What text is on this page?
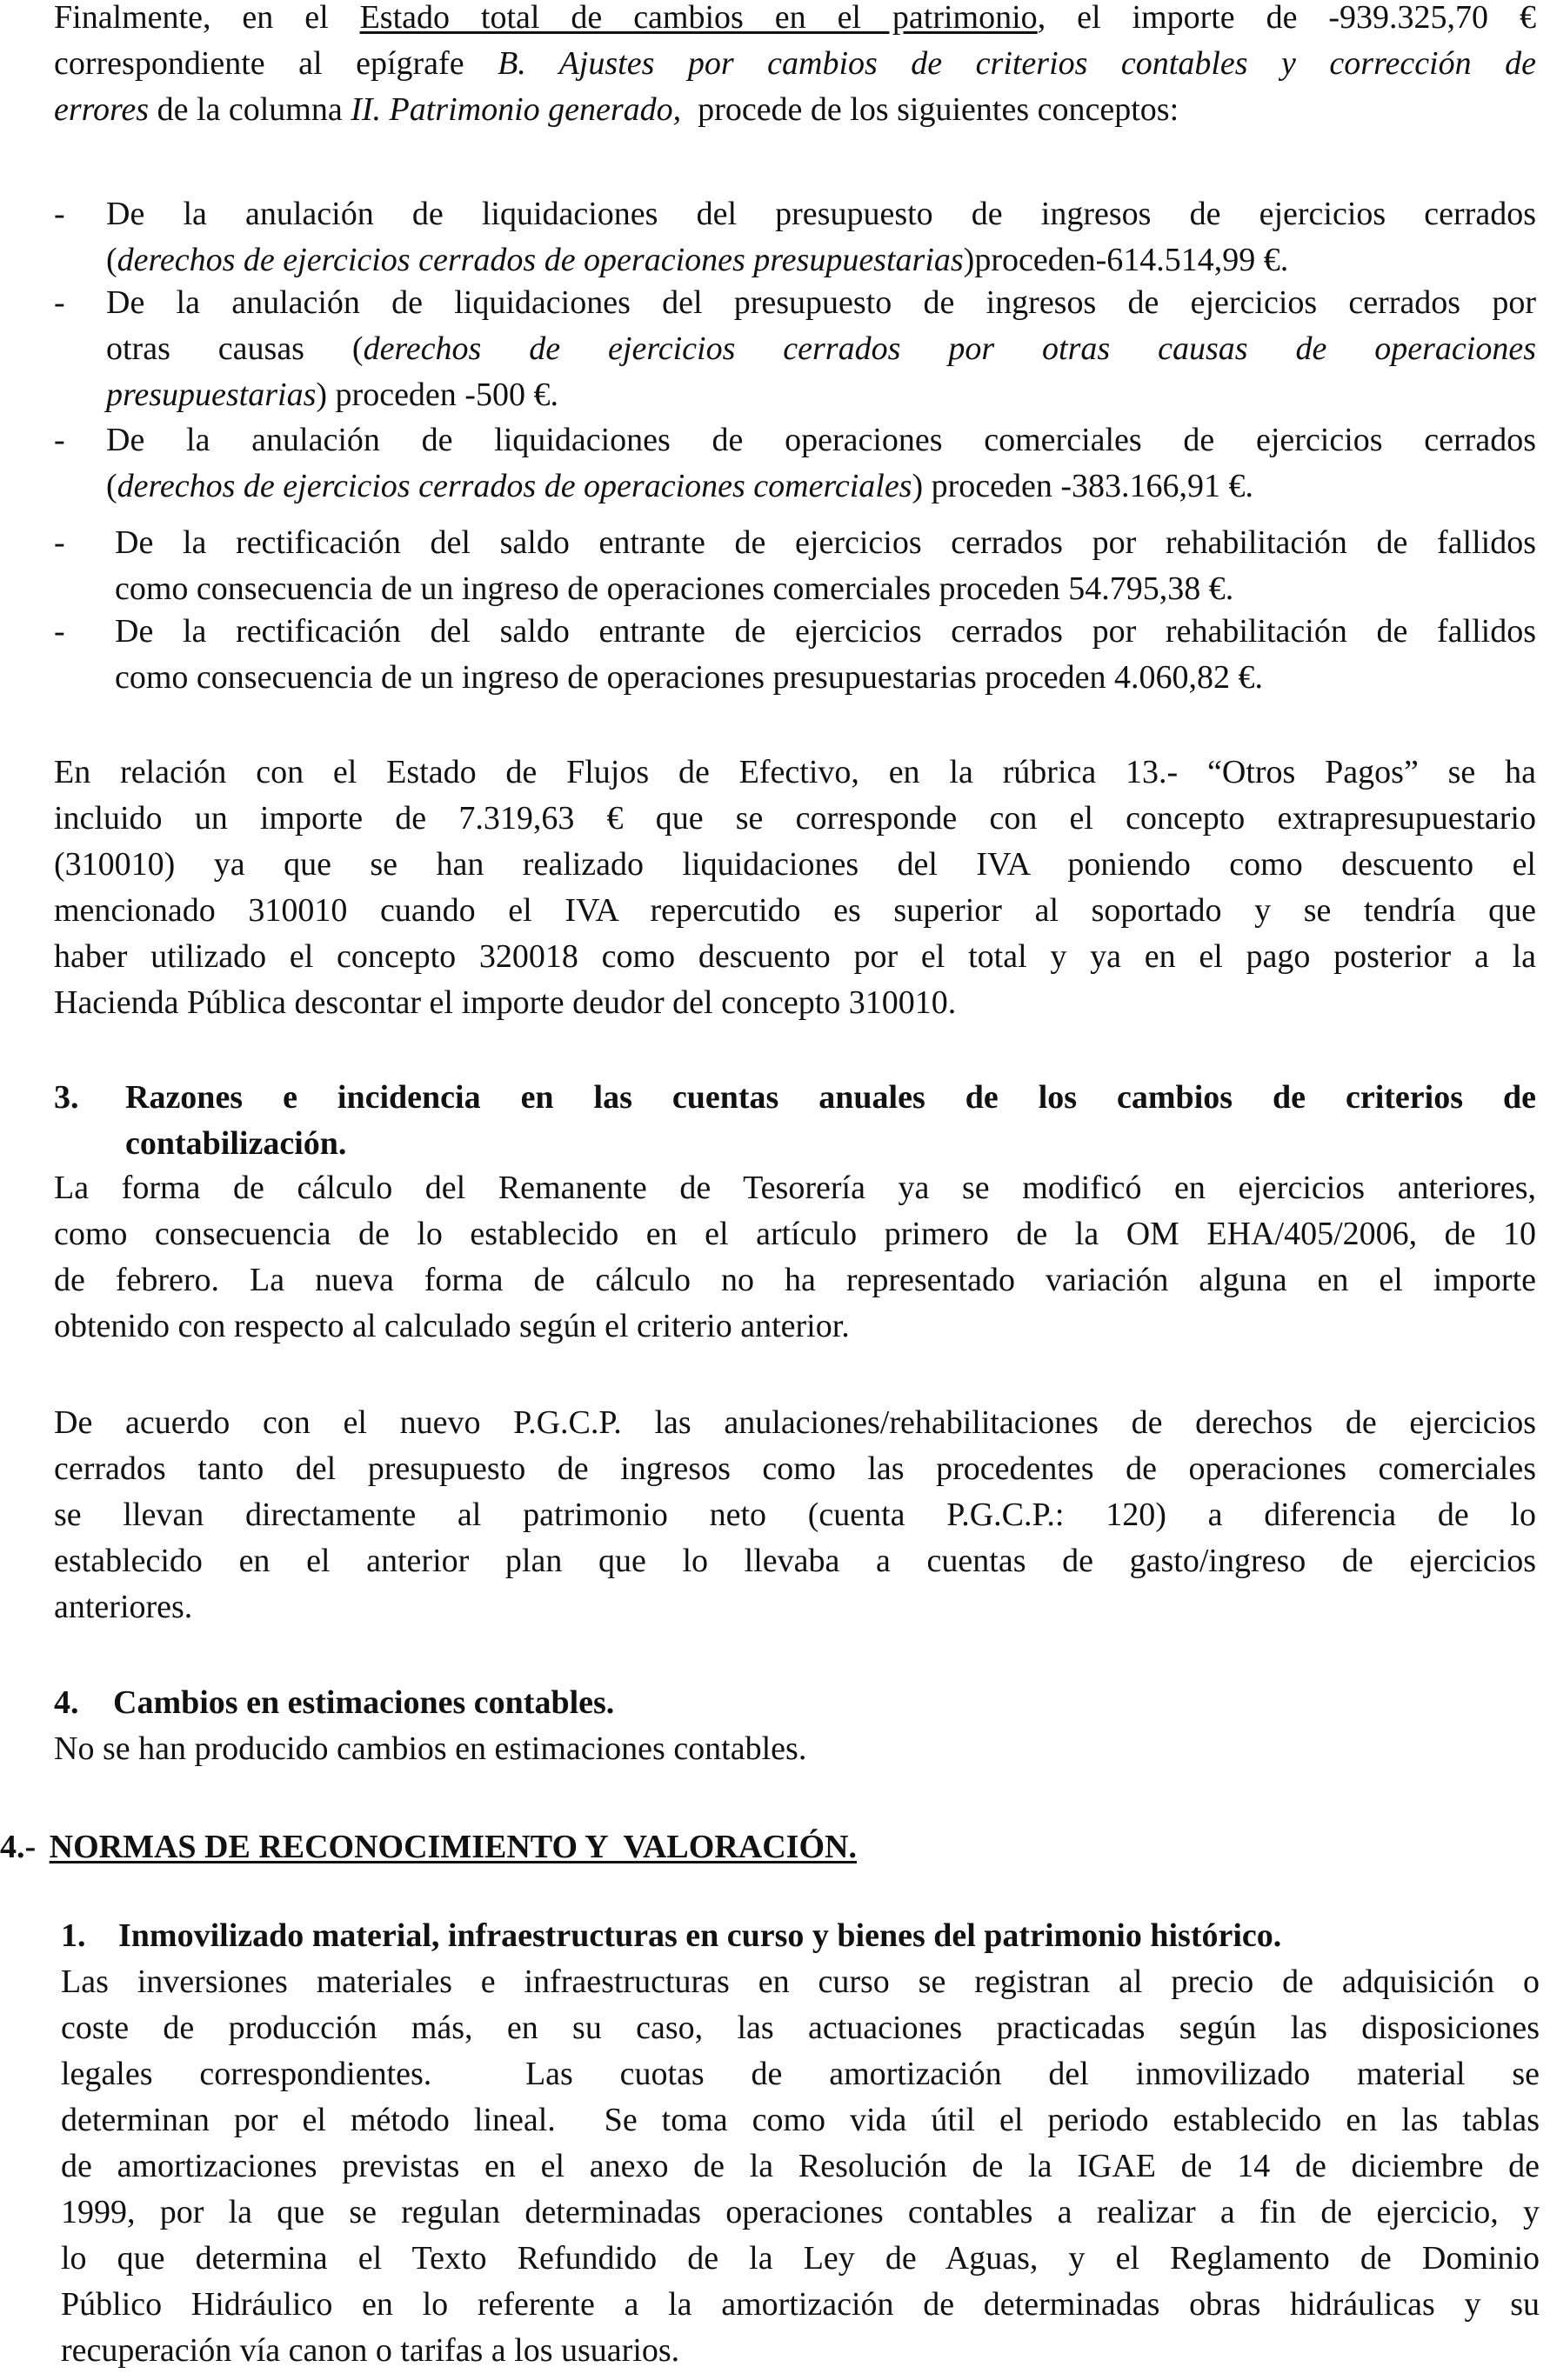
Finalmente, en el Estado total de cambios en el patrimonio, el importe de -939.325,70 €
correspondiente al epígrafe B. Ajustes por cambios de criterios contables y corrección de
errores de la columna II. Patrimonio generado,  procede de los siguientes conceptos:
- De la anulación de liquidaciones del presupuesto de ingresos de ejercicios cerrados
(derechos de ejercicios cerrados de operaciones presupuestarias)proceden-614.514,99 €.
- De la anulación de liquidaciones del presupuesto de ingresos de ejercicios cerrados por
otras causas (derechos de ejercicios cerrados por otras causas de operaciones
presupuestarias) proceden -500 €.
- De la anulación de liquidaciones de operaciones comerciales de ejercicios cerrados
(derechos de ejercicios cerrados de operaciones comerciales) proceden -383.166,91 €.
- De la rectificación del saldo entrante de ejercicios cerrados por rehabilitación de fallidos
como consecuencia de un ingreso de operaciones comerciales proceden 54.795,38 €.
- De la rectificación del saldo entrante de ejercicios cerrados por rehabilitación de fallidos
como consecuencia de un ingreso de operaciones presupuestarias proceden 4.060,82 €.
En relación con el Estado de Flujos de Efectivo, en la rúbrica 13.- “Otros Pagos” se ha
incluido un importe de 7.319,63 € que se corresponde con el concepto extrapresupuestario
(310010) ya que se han realizado liquidaciones del IVA poniendo como descuento el
mencionado 310010 cuando el IVA repercutido es superior al soportado y se tendría que
haber utilizado el concepto 320018 como descuento por el total y ya en el pago posterior a la
Hacienda Pública descontar el importe deudor del concepto 310010.
3. Razones e incidencia en las cuentas anuales de los cambios de criterios de
contabilización.
La forma de cálculo del Remanente de Tesorería ya se modificó en ejercicios anteriores,
como consecuencia de lo establecido en el artículo primero de la OM EHA/405/2006, de 10
de febrero. La nueva forma de cálculo no ha representado variación alguna en el importe
obtenido con respecto al calculado según el criterio anterior.
De acuerdo con el nuevo P.G.C.P. las anulaciones/rehabilitaciones de derechos de ejercicios
cerrados tanto del presupuesto de ingresos como las procedentes de operaciones comerciales
se llevan directamente al patrimonio neto (cuenta P.G.C.P.: 120) a diferencia de lo
establecido en el anterior plan que lo llevaba a cuentas de gasto/ingreso de ejercicios
anteriores.
4. Cambios en estimaciones contables.
No se han producido cambios en estimaciones contables.
4.- NORMAS DE RECONOCIMIENTO Y  VALORACIÓN.
1. Inmovilizado material, infraestructuras en curso y bienes del patrimonio histórico.
Las inversiones materiales e infraestructuras en curso se registran al precio de adquisición o
coste de producción más, en su caso, las actuaciones practicadas según las disposiciones
legales correspondientes.  Las cuotas de amortización del inmovilizado material se
determinan por el método lineal.  Se toma como vida útil el periodo establecido en las tablas
de amortizaciones previstas en el anexo de la Resolución de la IGAE de 14 de diciembre de
1999, por la que se regulan determinadas operaciones contables a realizar a fin de ejercicio, y
lo que determina el Texto Refundido de la Ley de Aguas, y el Reglamento de Dominio
Público Hidráulico en lo referente a la amortización de determinadas obras hidráulicas y su
recuperación vía canon o tarifas a los usuarios.
